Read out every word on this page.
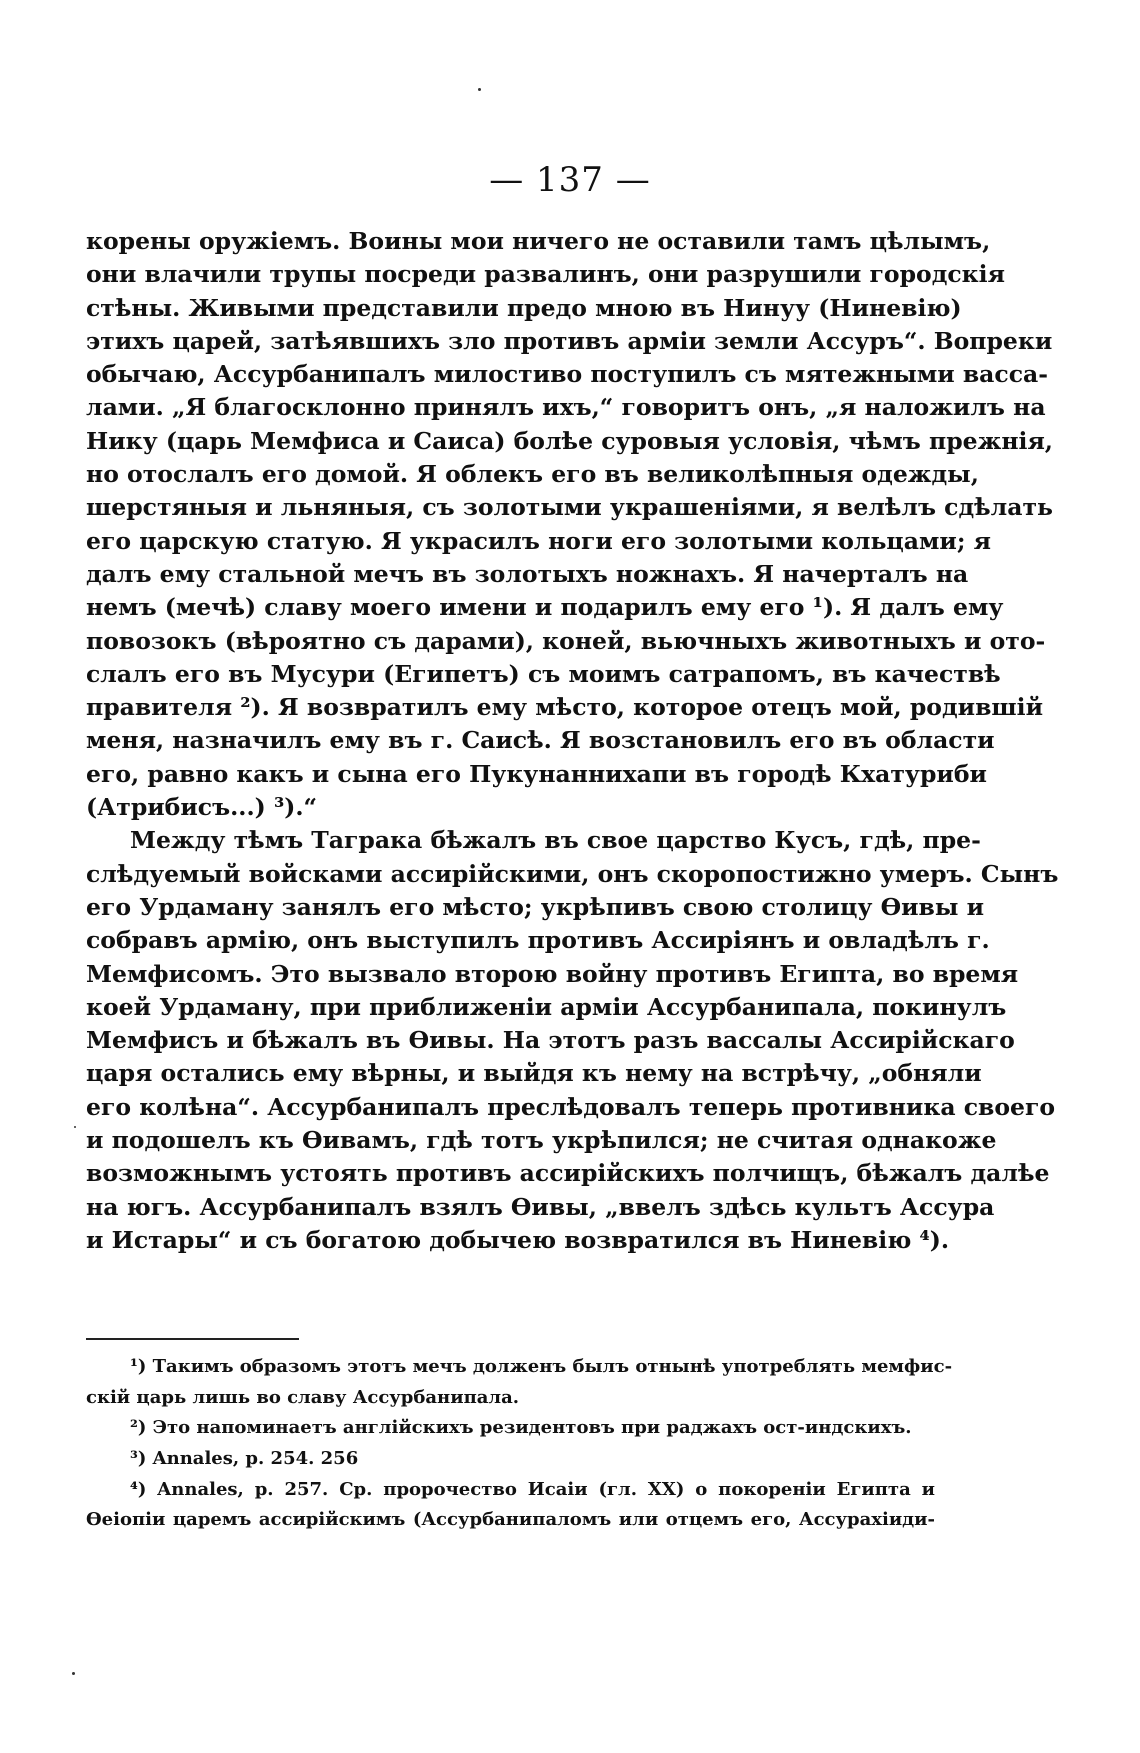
— 137 —
корены оружіемъ. Воины мои ничего не оставили тамъ цѣлымъ,
они влачили трупы посреди развалинъ, они разрушили городскія
стѣны. Живыми представили предо мною въ Нинуу (Ниневію)
этихъ царей, затѣявшихъ зло противъ арміи земли Ассуръ“. Вопреки
обычаю, Ассурбанипалъ милостиво поступилъ съ мятежными васса-
лами. „Я благосклонно принялъ ихъ,“ говоритъ онъ, „я наложилъ на
Нику (царь Мемфиса и Саиса) болѣе суровыя условія, чѣмъ прежнія,
но отослалъ его домой. Я облекъ его въ великолѣпныя одежды,
шерстяныя и льняныя, съ золотыми украшеніями, я велѣлъ сдѣлать
его царскую статую. Я украсилъ ноги его золотыми кольцами; я
далъ ему стальной мечъ въ золотыхъ ножнахъ. Я начерталъ на
немъ (мечѣ) славу моего имени и подарилъ ему его ¹). Я далъ ему
повозокъ (вѣроятно съ дарами), коней, вьючныхъ животныхъ и ото-
слалъ его въ Мусури (Египетъ) съ моимъ сатрапомъ, въ качествѣ
правителя ²). Я возвратилъ ему мѣсто, которое отецъ мой, родившій
меня, назначилъ ему въ г. Саисѣ. Я возстановилъ его въ области
его, равно какъ и сына его Пукунаннихапи въ городѣ Кхатуриби
(Атрибисъ...) ³).“
Между тѣмъ Таграка бѣжалъ въ свое царство Кусъ, гдѣ, пре-
слѣдуемый войсками ассирійскими, онъ скоропостижно умеръ. Сынъ
его Урдаману занялъ его мѣсто; укрѣпивъ свою столицу Ѳивы и
собравъ армію, онъ выступилъ противъ Ассиріянъ и овладѣлъ г.
Мемфисомъ. Это вызвало второю войну противъ Египта, во время
коей Урдаману, при приближеніи арміи Ассурбанипала, покинулъ
Мемфисъ и бѣжалъ въ Ѳивы. На этотъ разъ вассалы Ассирійскаго
царя остались ему вѣрны, и выйдя къ нему на встрѣчу, „обняли
его колѣна“. Ассурбанипалъ преслѣдовалъ теперь противника своего
и подошелъ къ Ѳивамъ, гдѣ тотъ укрѣпился; не считая однакоже
возможнымъ устоять противъ ассирійскихъ полчищъ, бѣжалъ далѣе
на югъ. Ассурбанипалъ взялъ Ѳивы, „ввелъ здѣсь культъ Ассура
и Истары“ и съ богатою добычею возвратился въ Ниневію ⁴).
¹) Такимъ образомъ этотъ мечъ долженъ былъ отнынѣ употреблять мемфис-
скій царь лишь во славу Ассурбанипала.
²) Это напоминаетъ англійскихъ резидентовъ при раджахъ ост-индскихъ.
³) Annales, p. 254. 256
⁴) Annales, p. 257. Ср. пророчество Исаіи (гл. XX) о покореніи Египта и
Ѳеіопіи царемъ ассирійскимъ (Ассурбанипаломъ или отцемъ его, Ассурахіиди-
